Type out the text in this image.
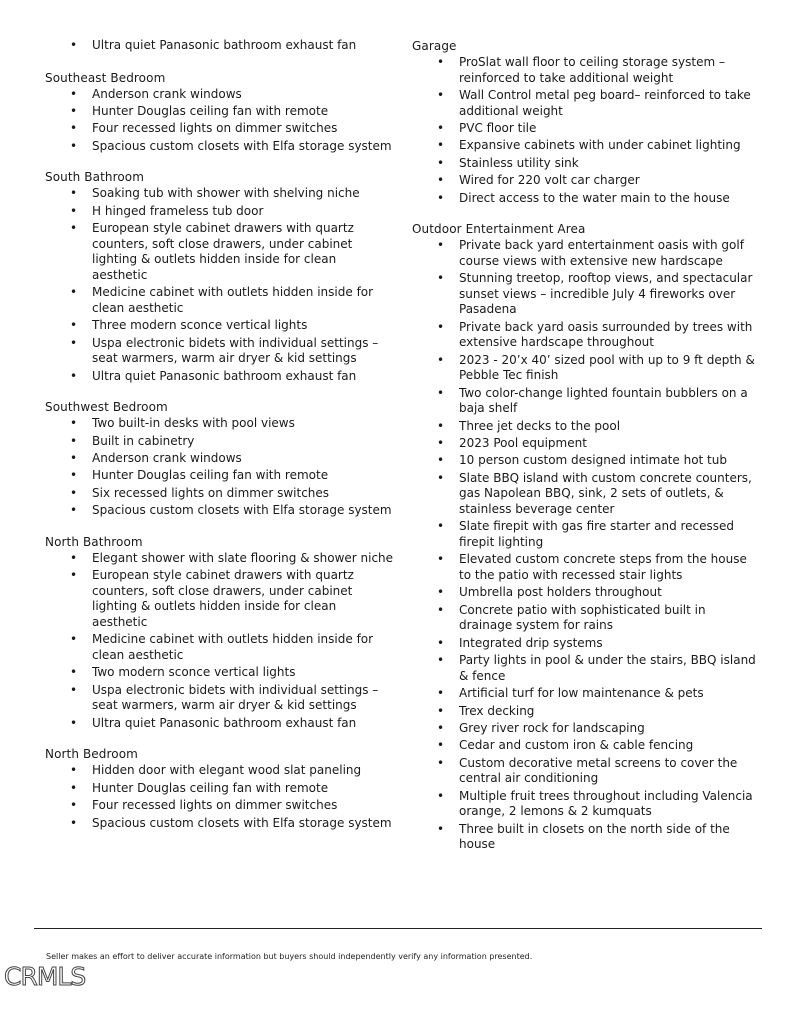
• Ultra quiet Panasonic bathroom exhaust fan
Southeast Bedroom
• Anderson crank windows
• Hunter Douglas ceiling fan with remote
• Four recessed lights on dimmer switches
• Spacious custom closets with Elfa storage system
South Bathroom
• Soaking tub with shower with shelving niche
• H hinged frameless tub door
• European style cabinet drawers with quartz counters, soft close drawers, under cabinet lighting & outlets hidden inside for clean aesthetic
• Medicine cabinet with outlets hidden inside for clean aesthetic
• Three modern sconce vertical lights
• Uspa electronic bidets with individual settings – seat warmers, warm air dryer & kid settings
• Ultra quiet Panasonic bathroom exhaust fan
Southwest Bedroom
• Two built-in desks with pool views
• Built in cabinetry
• Anderson crank windows
• Hunter Douglas ceiling fan with remote
• Six recessed lights on dimmer switches
• Spacious custom closets with Elfa storage system
North Bathroom
• Elegant shower with slate flooring & shower niche
• European style cabinet drawers with quartz counters, soft close drawers, under cabinet lighting & outlets hidden inside for clean aesthetic
• Medicine cabinet with outlets hidden inside for clean aesthetic
• Two modern sconce vertical lights
• Uspa electronic bidets with individual settings – seat warmers, warm air dryer & kid settings
• Ultra quiet Panasonic bathroom exhaust fan
North Bedroom
• Hidden door with elegant wood slat paneling
• Hunter Douglas ceiling fan with remote
• Four recessed lights on dimmer switches
• Spacious custom closets with Elfa storage system
Garage
• ProSlat wall floor to ceiling storage system – reinforced to take additional weight
• Wall Control metal peg board– reinforced to take additional weight
• PVC floor tile
• Expansive cabinets with under cabinet lighting
• Stainless utility sink
• Wired for 220 volt car charger
• Direct access to the water main to the house
Outdoor Entertainment Area
• Private back yard entertainment oasis with golf course views with extensive new hardscape
• Stunning treetop, rooftop views, and spectacular sunset views – incredible July 4 fireworks over Pasadena
• Private back yard oasis surrounded by trees with extensive hardscape throughout
• 2023 - 20’x 40’ sized pool with up to 9 ft depth & Pebble Tec finish
• Two color-change lighted fountain bubblers on a baja shelf
• Three jet decks to the pool
• 2023 Pool equipment
• 10 person custom designed intimate hot tub
• Slate BBQ island with custom concrete counters, gas Napolean BBQ, sink, 2 sets of outlets, & stainless beverage center
• Slate firepit with gas fire starter and recessed firepit lighting
• Elevated custom concrete steps from the house to the patio with recessed stair lights
• Umbrella post holders throughout
• Concrete patio with sophisticated built in drainage system for rains
• Integrated drip systems
• Party lights in pool & under the stairs, BBQ island & fence
• Artificial turf for low maintenance & pets
• Trex decking
• Grey river rock for landscaping
• Cedar and custom iron & cable fencing
• Custom decorative metal screens to cover the central air conditioning
• Multiple fruit trees throughout including Valencia orange, 2 lemons & 2 kumquats
• Three built in closets on the north side of the house
Seller makes an effort to deliver accurate information but buyers should independently verify any information presented.
CRMLS
